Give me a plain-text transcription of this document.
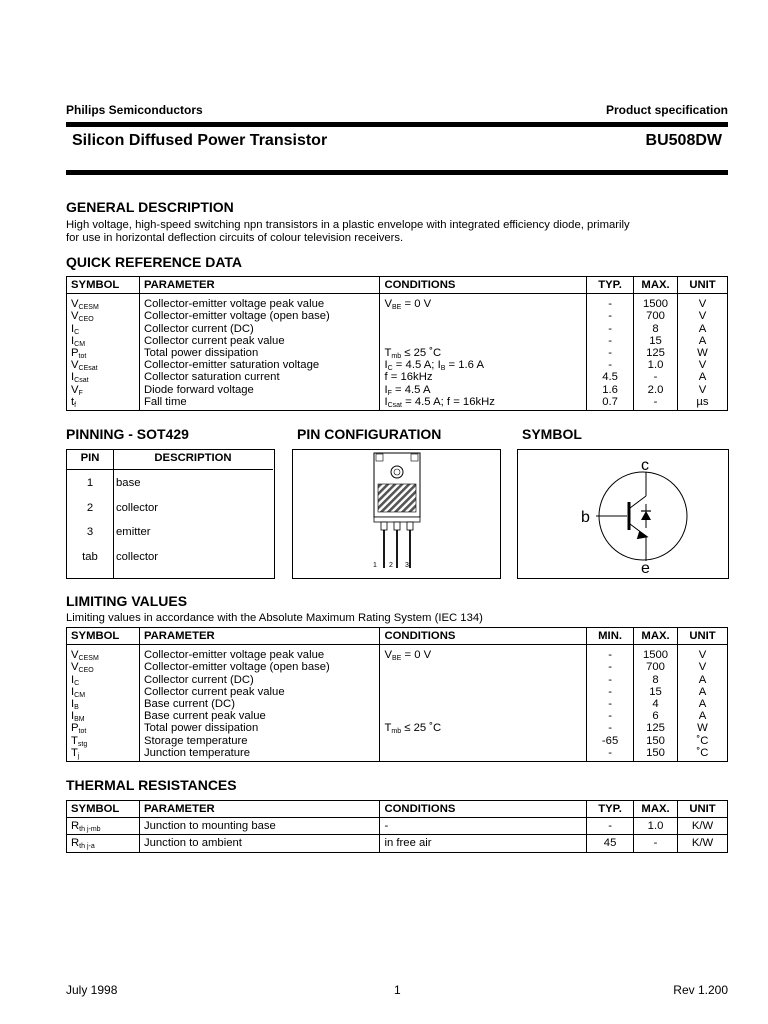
Philips Semiconductors	Product specification
Silicon Diffused Power Transistor	BU508DW
GENERAL DESCRIPTION
High voltage, high-speed switching npn transistors in a plastic envelope with integrated efficiency diode, primarily
for use in horizontal deflection circuits of colour television receivers.
QUICK REFERENCE DATA
SYMBOL	PARAMETER	CONDITIONS	TYP.	MAX.	UNIT
$V_{CESM}$	Collector-emitter voltage peak value	$V_{BE} = 0$ V	-	1500	V
$V_{CEO}$	Collector-emitter voltage (open base)		-	700	V
$I_C$	Collector current (DC)		-	8	A
$I_{CM}$	Collector current peak value		-	15	A
$P_{tot}$	Total power dissipation	$T_{mb} \le 25$ ˚C	-	125	W
$V_{CEsat}$	Collector-emitter saturation voltage	$I_C = 4.5$ A; $I_B = 1.6$ A	-	1.0	V
$I_{Csat}$	Collector saturation current	f = 16kHz	4.5	-	A
$V_F$	Diode forward voltage	$I_F = 4.5$ A	1.6	2.0	V
$t_f$	Fall time	$I_{Csat} = 4.5$ A; f = 16kHz	0.7	-	µs
PINNING - SOT429	PIN CONFIGURATION	SYMBOL
PIN	DESCRIPTION
1	base
2	collector
3	emitter
tab	collector
1 2 3
c
b
e
LIMITING VALUES
Limiting values in accordance with the Absolute Maximum Rating System (IEC 134)
SYMBOL	PARAMETER	CONDITIONS	MIN.	MAX.	UNIT
$V_{CESM}$	Collector-emitter voltage peak value	$V_{BE} = 0$ V	-	1500	V
$V_{CEO}$	Collector-emitter voltage (open base)		-	700	V
$I_C$	Collector current (DC)		-	8	A
$I_{CM}$	Collector current peak value		-	15	A
$I_B$	Base current (DC)		-	4	A
$I_{BM}$	Base current peak value		-	6	A
$P_{tot}$	Total power dissipation	$T_{mb} \le 25$ ˚C	-	125	W
$T_{stg}$	Storage temperature		-65	150	˚C
$T_j$	Junction temperature		-	150	˚C
THERMAL RESISTANCES
SYMBOL	PARAMETER	CONDITIONS	TYP.	MAX.	UNIT
$R_{th j-mb}$	Junction to mounting base	-	-	1.0	K/W
$R_{th j-a}$	Junction to ambient	in free air	45	-	K/W
July 1998	1	Rev 1.200
